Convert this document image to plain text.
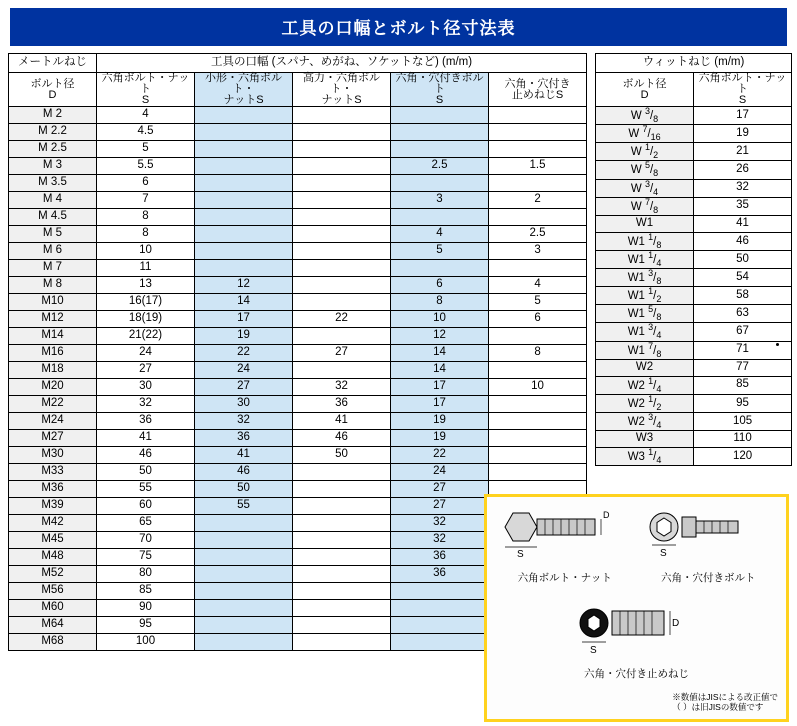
工具の口幅とボルト径寸法表
メートルねじ	工具の口幅 (スパナ、めがね、ソケットなど) (m/m)				

ボルト径
D

六角ボルト・ナット
S

小形・六角ボルト・
ナットS

高力・六角ボルト・
ナットS

六角・穴付きボルト
S

六角・穴付き
止めねじS

M 2	4				
M 2.2	4.5				
M 2.5	5				
M 3	5.5			2.5	1.5
M 3.5	6				
M 4	7			3	2
M 4.5	8				
M 5	8			4	2.5
M 6	10			5	3
M 7	11				
M 8	13	12		6	4
M10	16(17)	14		8	5
M12	18(19)	17	22	10	6
M14	21(22)	19		12	
M16	24	22	27	14	8
M18	27	24		14	
M20	30	27	32	17	10
M22	32	30	36	17	
M24	36	32	41	19	
M27	41	36	46	19	
M30	46	41	50	22	
M33	50	46		24	
M36	55	50		27	
M39	60	55		27	
M42	65			32	
M45	70			32	
M48	75			36	
M52	80			36	
M56	85				
M60	90				
M64	95				
M68	100				
ウィットねじ (m/m)	

ボルト径
D

六角ボルト・ナット
S

W $^3/_8$	17
W $^7/_{16}$	19
W $^1/_2$	21
W $^5/_8$	26
W $^3/_4$	32
W $^7/_8$	35
W1	41
W1 $^1/_8$	46
W1 $^1/_4$	50
W1 $^3/_8$	54
W1 $^1/_2$	58
W1 $^5/_8$	63
W1 $^3/_4$	67
W1 $^7/_8$	71
W2	77
W2 $^1/_4$	85
W2 $^1/_2$	95
W2 $^3/_4$	105
W3	110
W3 $^1/_4$	120
S
D
六角ボルト・ナット
S
六角・穴付きボルト
D
S
六角・穴付き止めねじ
※数値はJISによる改正値で
（ ）は旧JISの数値です
